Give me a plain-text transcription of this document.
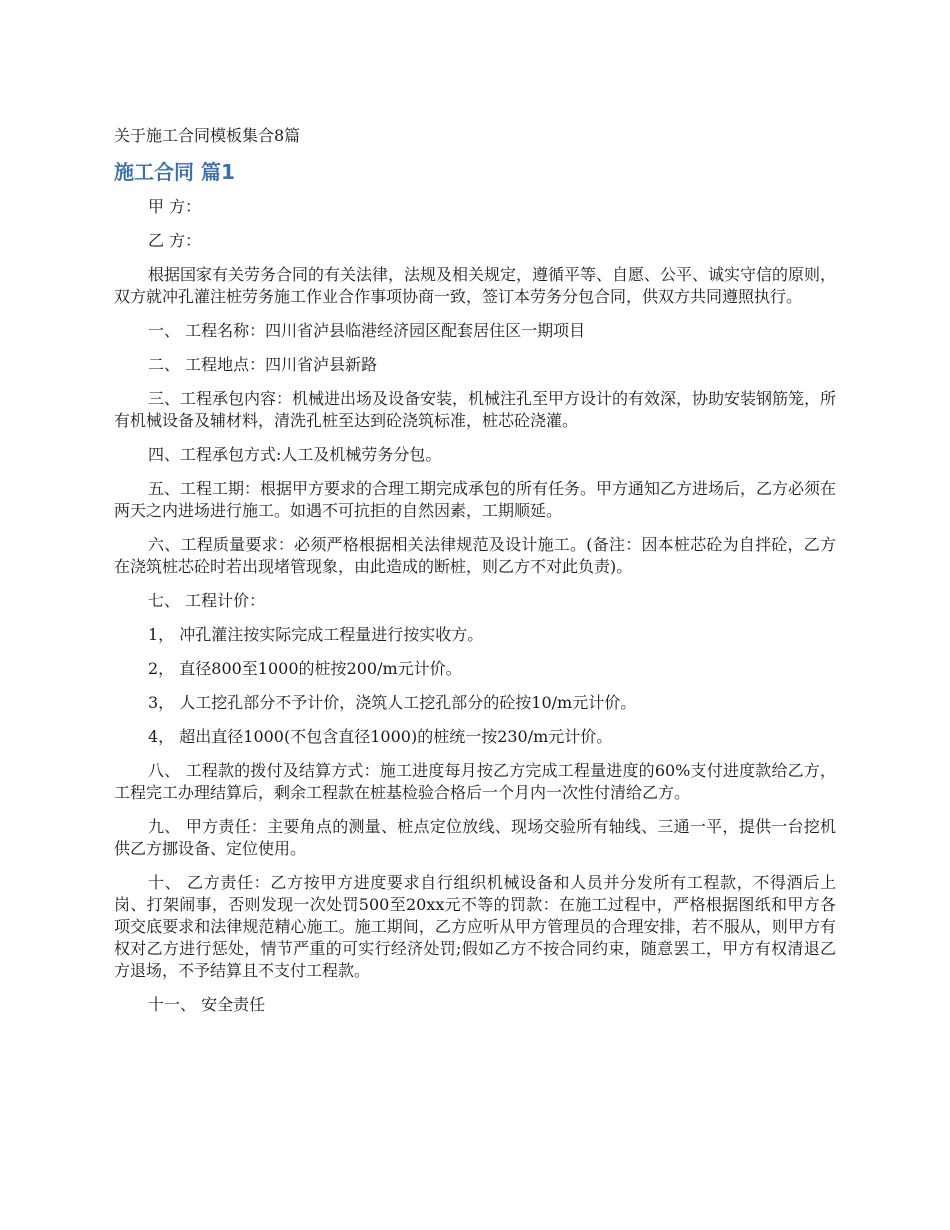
关于施工合同模板集合8篇
施工合同 篇1

甲 方：

乙 方：

根据国家有关劳务合同的有关法律，法规及相关规定，遵循平等、自愿、公平、诚实守信的原则，双方就冲孔灌注桩劳务施工作业合作事项协商一致，签订本劳务分包合同，供双方共同遵照执行。

一、 工程名称：四川省泸县临港经济园区配套居住区一期项目

二、 工程地点：四川省泸县新路

三、工程承包内容：机械进出场及设备安装，机械注孔至甲方设计的有效深，协助安装钢筋笼，所有机械设备及辅材料，清洗孔桩至达到砼浇筑标准，桩芯砼浇灌。

四、工程承包方式:人工及机械劳务分包。

五、工程工期：根据甲方要求的合理工期完成承包的所有任务。甲方通知乙方进场后，乙方必须在两天之内进场进行施工。如遇不可抗拒的自然因素，工期顺延。

六、工程质量要求：必须严格根据相关法律规范及设计施工。(备注：因本桩芯砼为自拌砼，乙方在浇筑桩芯砼时若出现堵管现象，由此造成的断桩，则乙方不对此负责)。

七、 工程计价：

1， 冲孔灌注按实际完成工程量进行按实收方。

2， 直径800至1000的桩按200/m元计价。

3， 人工挖孔部分不予计价，浇筑人工挖孔部分的砼按10/m元计价。

4， 超出直径1000(不包含直径1000)的桩统一按230/m元计价。

八、 工程款的拨付及结算方式：施工进度每月按乙方完成工程量进度的60%支付进度款给乙方，工程完工办理结算后，剩余工程款在桩基检验合格后一个月内一次性付清给乙方。

九、 甲方责任：主要角点的测量、桩点定位放线、现场交验所有轴线、三通一平，提供一台挖机供乙方挪设备、定位使用。

十、 乙方责任：乙方按甲方进度要求自行组织机械设备和人员并分发所有工程款，不得酒后上岗、打架闹事，否则发现一次处罚500至20xx元不等的罚款：在施工过程中，严格根据图纸和甲方各项交底要求和法律规范精心施工。施工期间，乙方应听从甲方管理员的合理安排，若不服从，则甲方有权对乙方进行惩处，情节严重的可实行经济处罚;假如乙方不按合同约束，随意罢工，甲方有权清退乙方退场，不予结算且不支付工程款。

十一、 安全责任
